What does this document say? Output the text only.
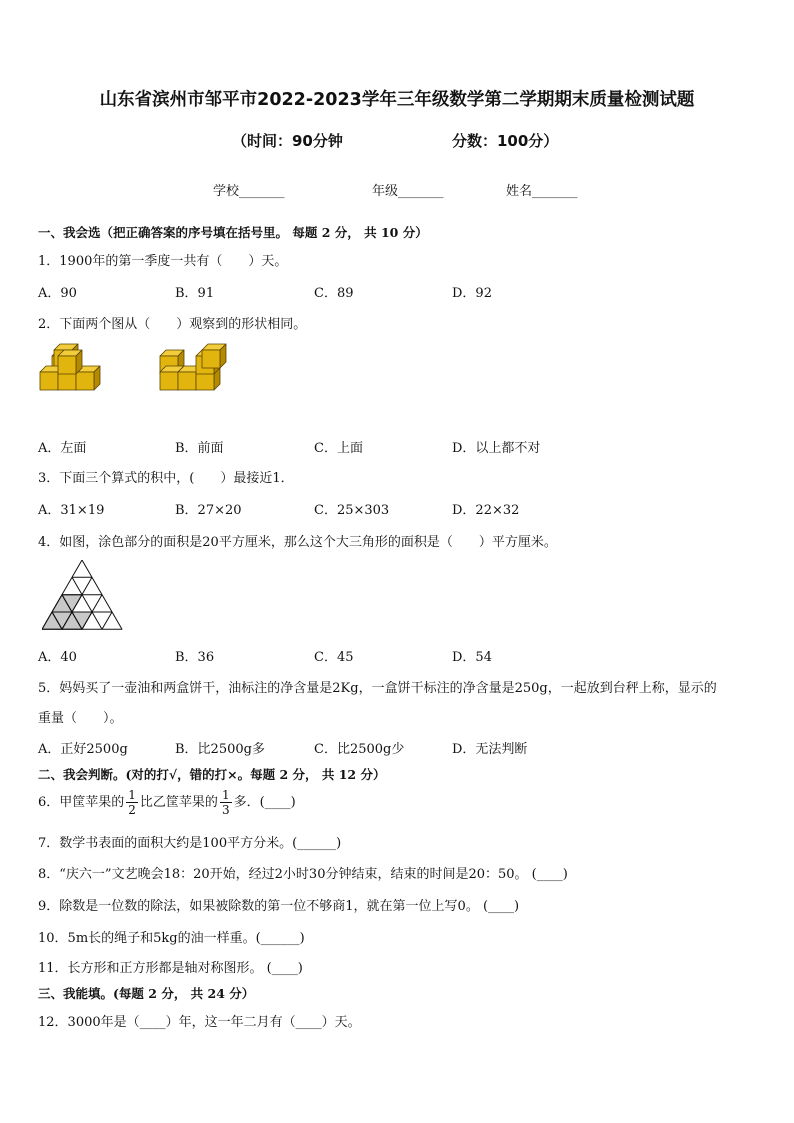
山东省滨州市邹平市2022-2023学年三年级数学第二学期期末质量检测试题
（时间：90分钟	分数：100分）
学校_______	年级_______	姓名_______
一、我会选（把正确答案的序号填在括号里。 每题 2 分， 共 10 分）
1．1900年的第一季度一共有（　　）天。
A．90	B．91	C．89	D．92
2．下面两个图从（　　）观察到的形状相同。
A．左面	B．前面	C．上面	D．以上都不对
3．下面三个算式的积中，(　　）最接近1．
A．31×19	B．27×20	C．25×303	D．22×32
4．如图，涂色部分的面积是20平方厘米，那么这个大三角形的面积是（　　）平方厘米。
A．40	B．36	C．45	D．54
5．妈妈买了一壶油和两盒饼干，油标注的净含量是2Kg，一盒饼干标注的净含量是250g，一起放到台秤上称，显示的
重量（　　）。
A．正好2500g	B．比2500g多	C．比2500g少	D．无法判断
二、我会判断。(对的打√，错的打×。每题 2 分， 共 12 分）
6．甲筐苹果的 $\frac{1}{2}$ 比乙筐苹果的 $\frac{1}{3}$ 多．(____)
7．数学书表面的面积大约是100平方分米。(______)
8．“庆六一”文艺晚会18：20开始，经过2小时30分钟结束，结束的时间是20：50。 (____)
9．除数是一位数的除法，如果被除数的第一位不够商1，就在第一位上写0。 (____)
10．5m长的绳子和5kg的油一样重。(______)
11．长方形和正方形都是轴对称图形。 (____)
三、我能填。(每题 2 分， 共 24 分）
12．3000年是（____）年，这一年二月有（____）天。
